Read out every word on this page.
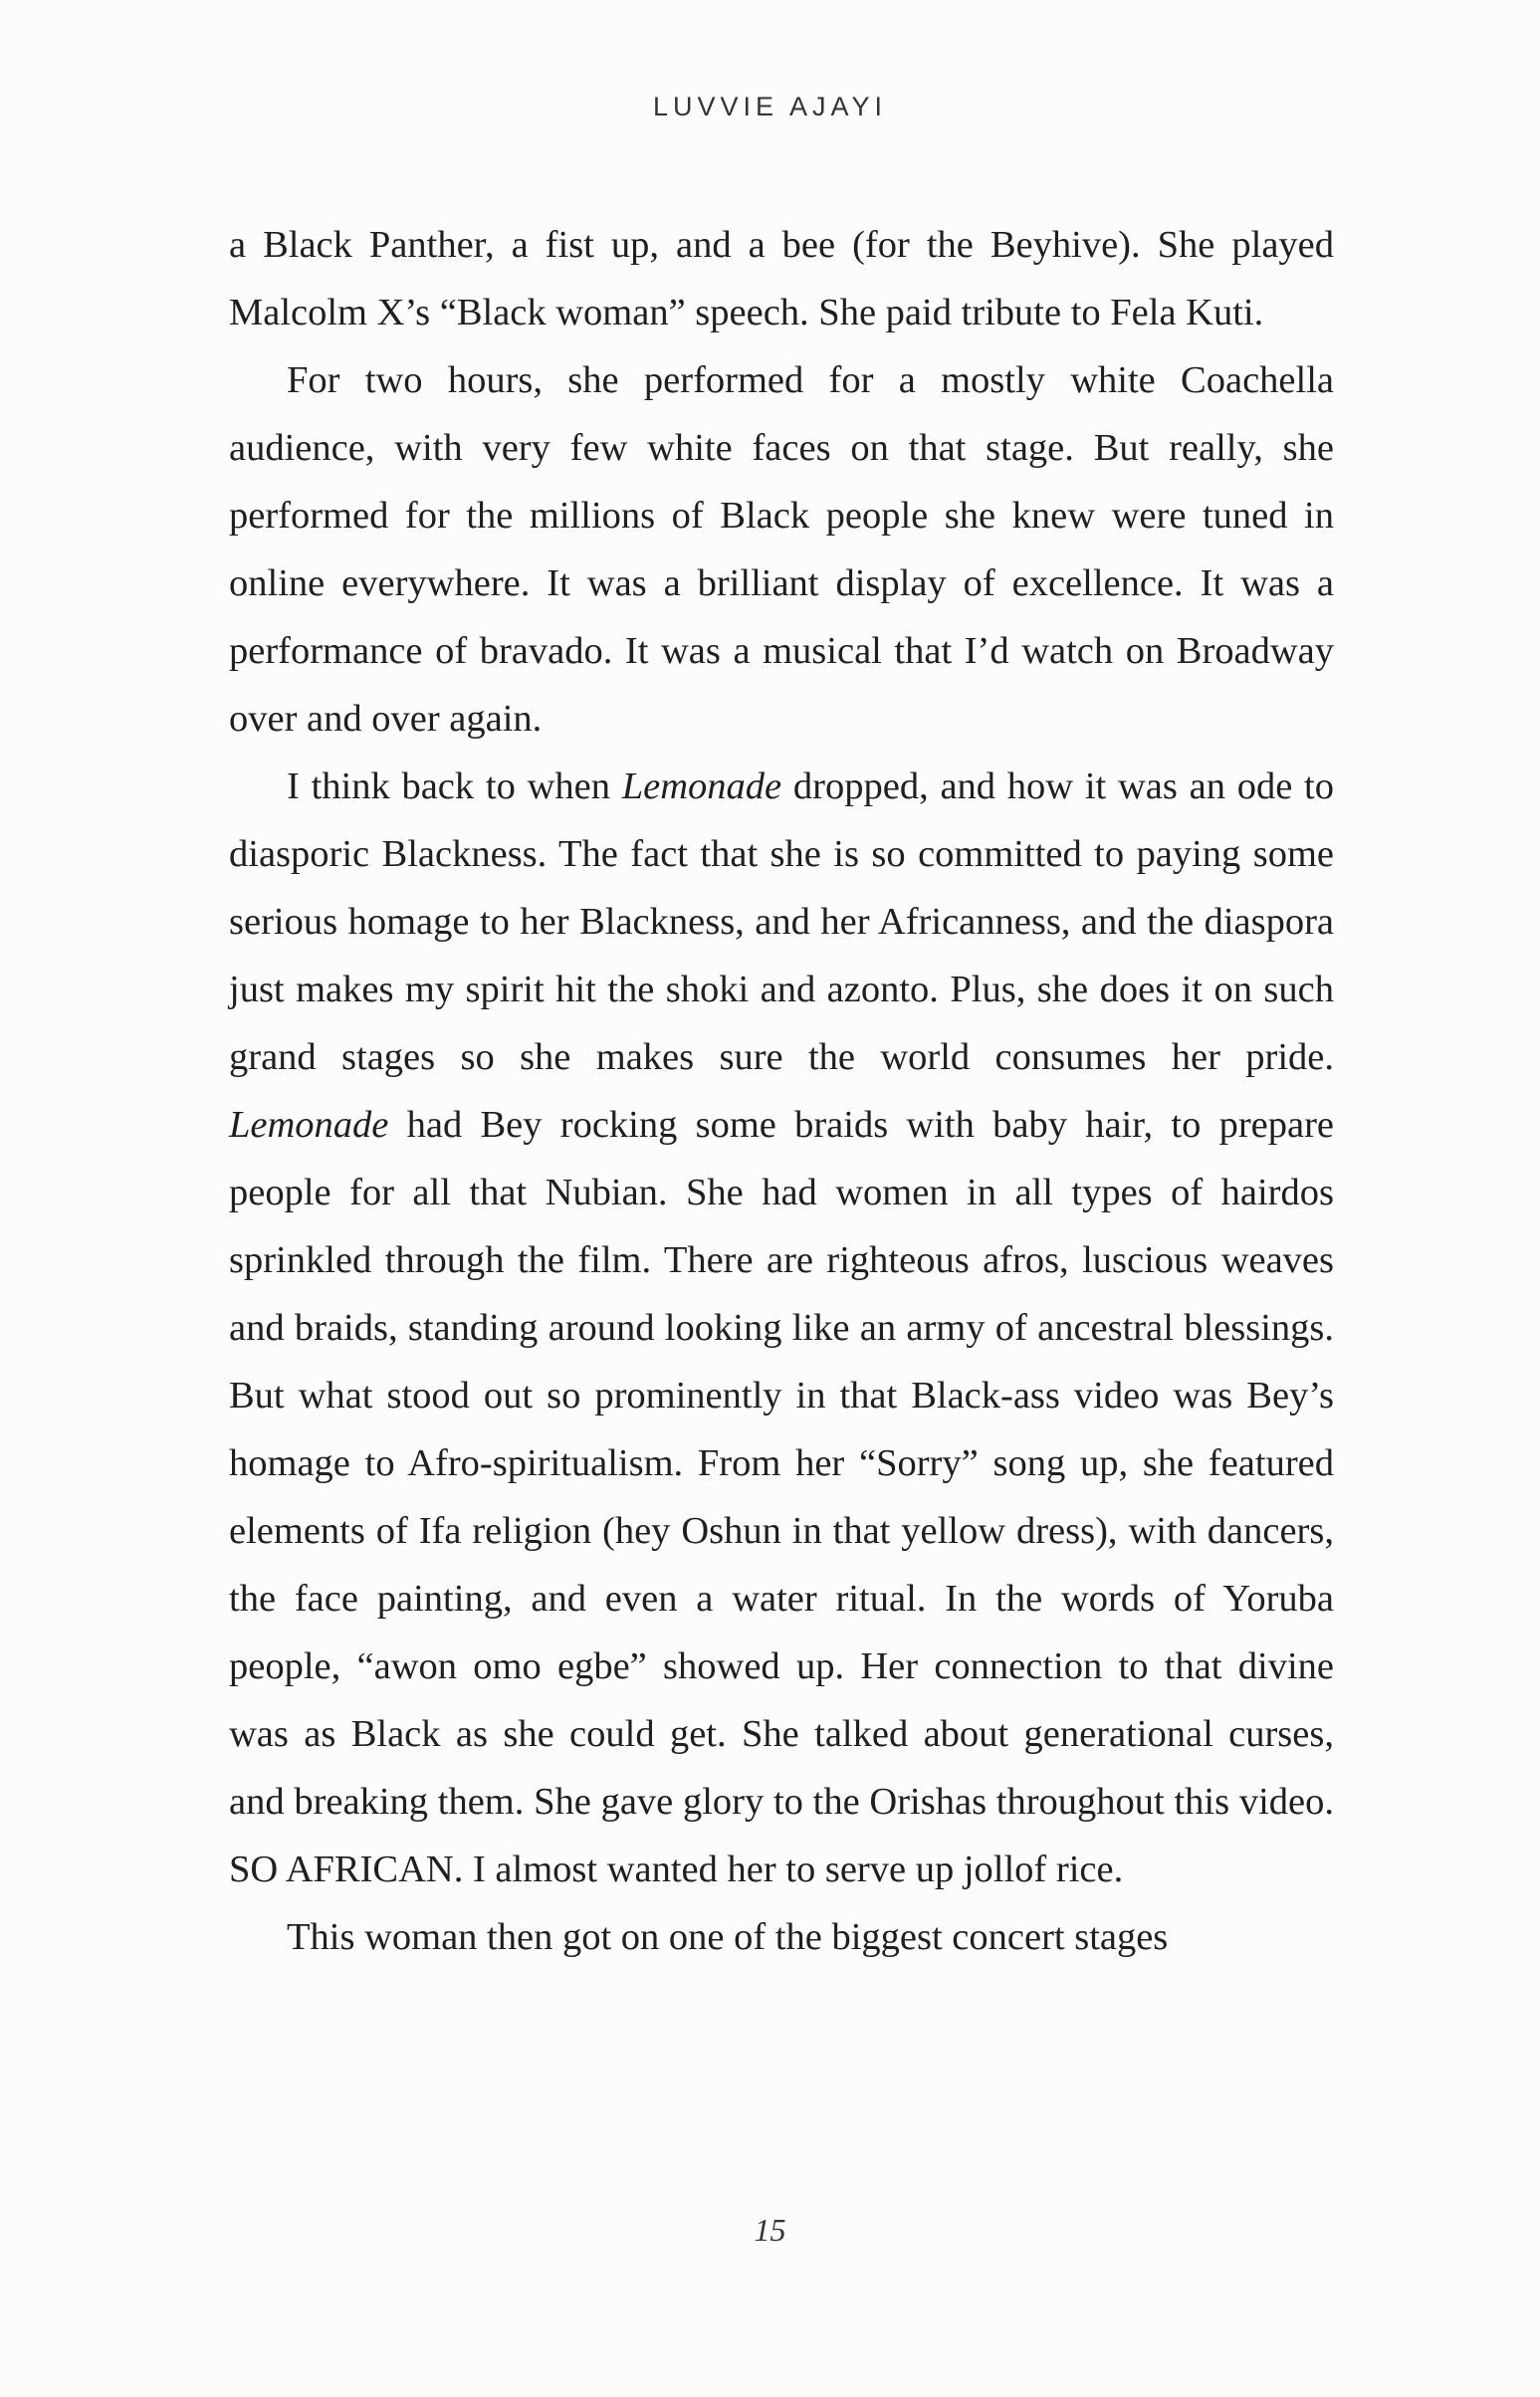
LUVVIE AJAYI

a Black Panther, a fist up, and a bee (for the Beyhive). She played Malcolm X’s “Black woman” speech. She paid tribute to Fela Kuti.

For two hours, she performed for a mostly white Coachella audience, with very few white faces on that stage. But really, she performed for the millions of Black people she knew were tuned in online everywhere. It was a brilliant display of excellence. It was a performance of bravado. It was a musical that I’d watch on Broadway over and over again.

I think back to when Lemonade dropped, and how it was an ode to diasporic Blackness. The fact that she is so committed to paying some serious homage to her Blackness, and her Africanness, and the diaspora just makes my spirit hit the shoki and azonto. Plus, she does it on such grand stages so she makes sure the world consumes her pride. Lemonade had Bey rocking some braids with baby hair, to prepare people for all that Nubian. She had women in all types of hairdos sprinkled through the film. There are righteous afros, luscious weaves and braids, standing around looking like an army of ancestral blessings. But what stood out so prominently in that Black-ass video was Bey’s homage to Afro-spiritualism. From her “Sorry” song up, she featured elements of Ifa religion (hey Oshun in that yellow dress), with dancers, the face painting, and even a water ritual. In the words of Yoruba people, “awon omo egbe” showed up. Her connection to that divine was as Black as she could get. She talked about generational curses, and breaking them. She gave glory to the Orishas throughout this video. SO AFRICAN. I almost wanted her to serve up jollof rice.

This woman then got on one of the biggest concert stages

15
